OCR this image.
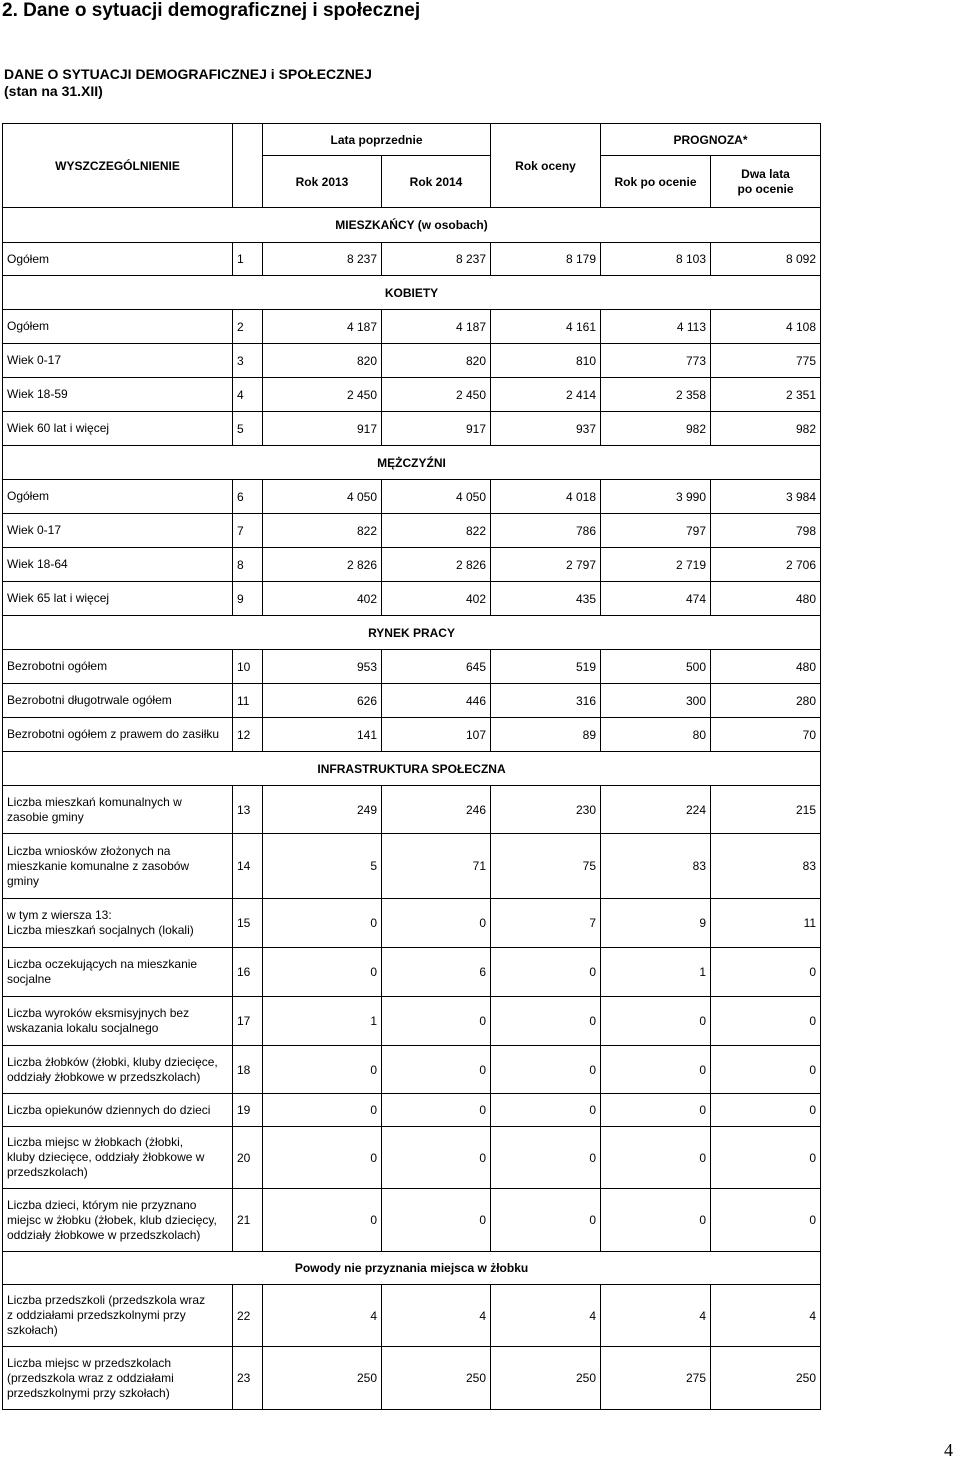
2. Dane o sytuacji demograficznej i społecznej
DANE O SYTUACJI DEMOGRAFICZNEJ i SPOŁECZNEJ
(stan na 31.XII)
WYSZCZEGÓLNIENIE		Lata poprzednie		Rok oceny	PROGNOZA*	
		Rok 2013	Rok 2014		Rok po ocenie	Dwa lata
po ocenie

MIESZKAŃCY (w osobach)						
Ogółem	1	8 237	8 237	8 179	8 103	8 092
KOBIETY						
Ogółem	2	4 187	4 187	4 161	4 113	4 108
Wiek 0-17	3	820	820	810	773	775
Wiek 18-59	4	2 450	2 450	2 414	2 358	2 351
Wiek 60 lat i więcej	5	917	917	937	982	982
MĘŻCZYŹNI						
Ogółem	6	4 050	4 050	4 018	3 990	3 984
Wiek 0-17	7	822	822	786	797	798
Wiek 18-64	8	2 826	2 826	2 797	2 719	2 706
Wiek 65 lat i więcej	9	402	402	435	474	480
RYNEK PRACY						
Bezrobotni ogółem	10	953	645	519	500	480
Bezrobotni długotrwale ogółem	11	626	446	316	300	280
Bezrobotni ogółem z prawem do zasiłku	12	141	107	89	80	70
INFRASTRUKTURA SPOŁECZNA						

Liczba mieszkań komunalnych w
zasobie gminy	13	249	246	230	224	215

Liczba wniosków złożonych na
mieszkanie komunalne z zasobów
gminy	14	5	71	75	83	83

w tym z wiersza 13:
Liczba mieszkań socjalnych (lokali)	15	0	0	7	9	11

Liczba oczekujących na mieszkanie
socjalne	16	0	6	0	1	0

Liczba wyroków eksmisyjnych bez
wskazania lokalu socjalnego	17	1	0	0	0	0

Liczba żłobków (żłobki, kluby dziecięce,
oddziały żłobkowe w przedszkolach)	18	0	0	0	0	0
Liczba opiekunów dziennych do dzieci	19	0	0	0	0	0

Liczba miejsc w żłobkach (żłobki,
kluby dziecięce, oddziały żłobkowe w
przedszkolach)	20	0	0	0	0	0

Liczba dzieci, którym nie przyznano
miejsc w żłobku (żłobek, klub dziecięcy,
oddziały żłobkowe w przedszkolach)	21	0	0	0	0	0
Powody nie przyznania miejsca w żłobku						

Liczba przedszkoli (przedszkola wraz
z oddziałami przedszkolnymi przy
szkołach)	22	4	4	4	4	4

Liczba miejsc w przedszkolach
(przedszkola wraz z oddziałami
przedszkolnymi przy szkołach)	23	250	250	250	275	250
4
